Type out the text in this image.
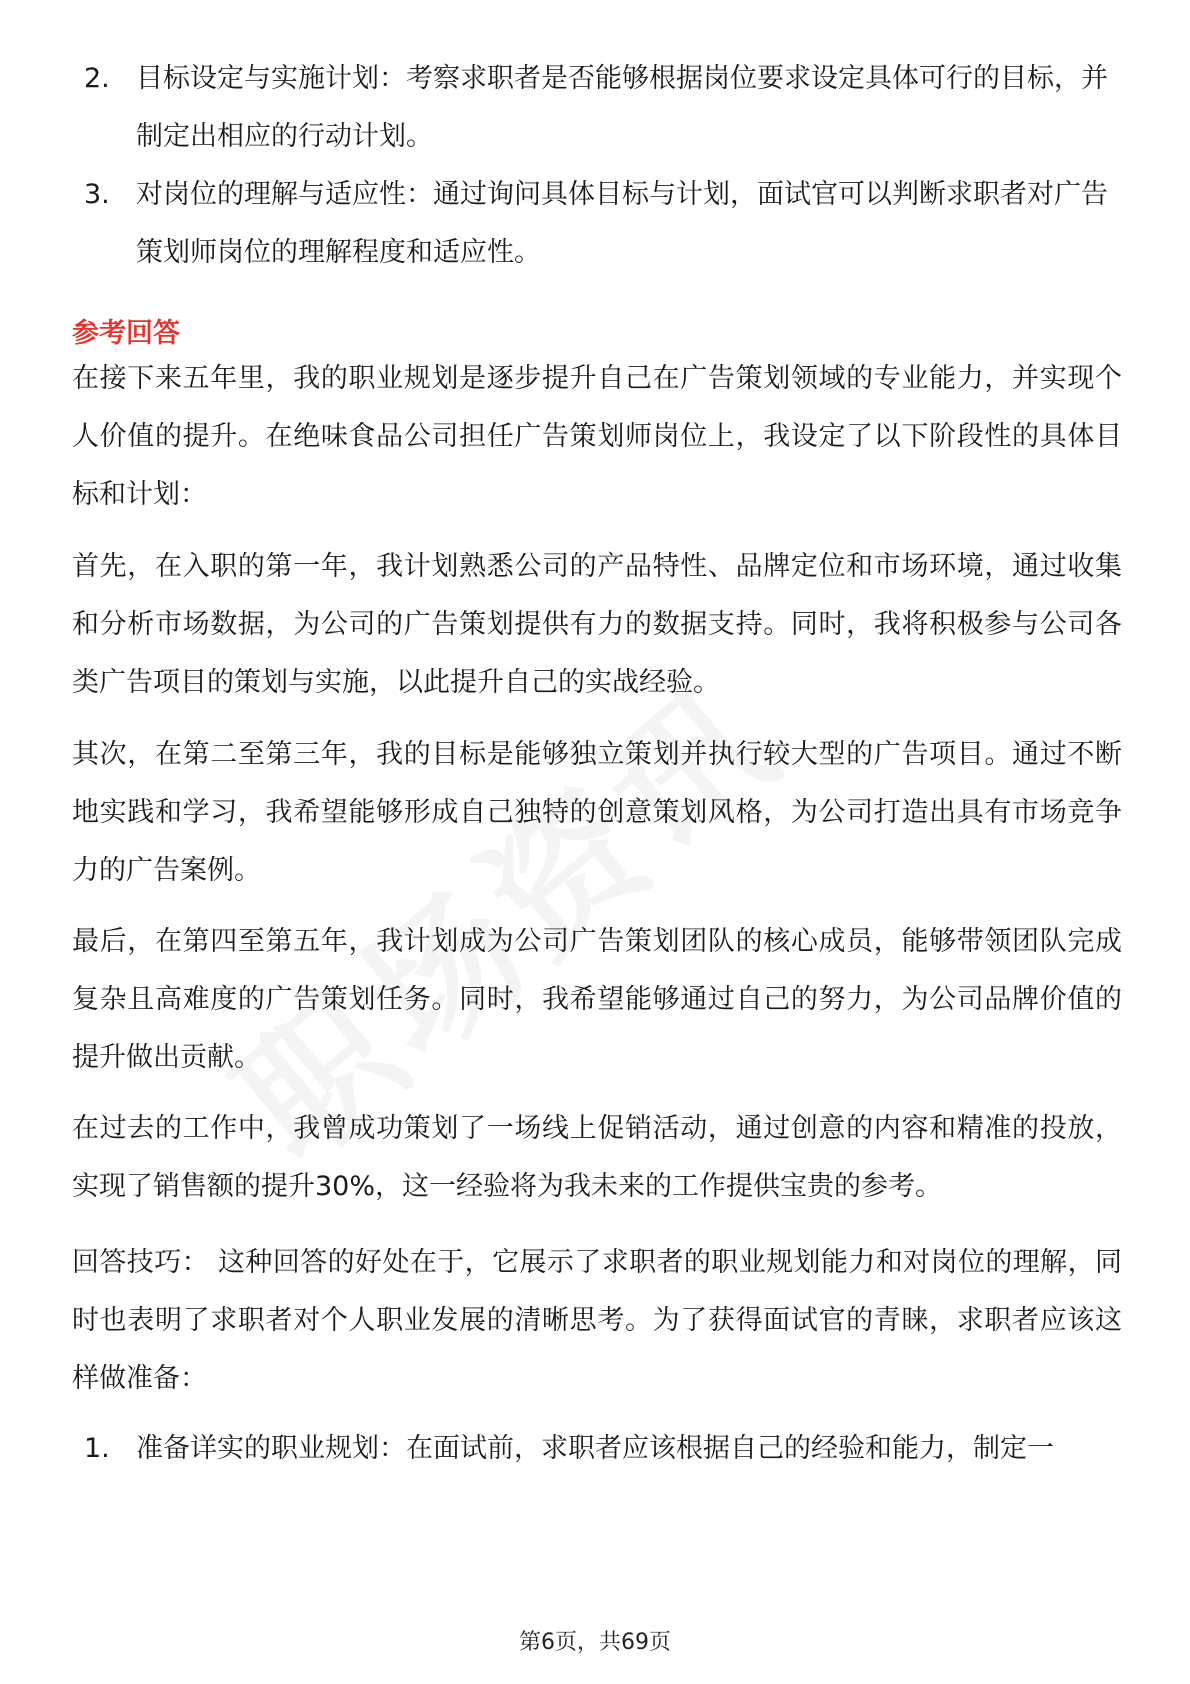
2. 目标设定与实施计划：考察求职者是否能够根据岗位要求设定具体可行的目标，并制定出相应的行动计划。
3. 对岗位的理解与适应性：通过询问具体目标与计划，面试官可以判断求职者对广告策划师岗位的理解程度和适应性。
参考回答
在接下来五年里，我的职业规划是逐步提升自己在广告策划领域的专业能力，并实现个人价值的提升。在绝味食品公司担任广告策划师岗位上，我设定了以下阶段性的具体目标和计划：
首先，在入职的第一年，我计划熟悉公司的产品特性、品牌定位和市场环境，通过收集和分析市场数据，为公司的广告策划提供有力的数据支持。同时，我将积极参与公司各类广告项目的策划与实施，以此提升自己的实战经验。
其次，在第二至第三年，我的目标是能够独立策划并执行较大型的广告项目。通过不断地实践和学习，我希望能够形成自己独特的创意策划风格，为公司打造出具有市场竞争力的广告案例。
最后，在第四至第五年，我计划成为公司广告策划团队的核心成员，能够带领团队完成复杂且高难度的广告策划任务。同时，我希望能够通过自己的努力，为公司品牌价值的提升做出贡献。
在过去的工作中，我曾成功策划了一场线上促销活动，通过创意的内容和精准的投放，实现了销售额的提升30%，这一经验将为我未来的工作提供宝贵的参考。
回答技巧： 这种回答的好处在于，它展示了求职者的职业规划能力和对岗位的理解，同时也表明了求职者对个人职业发展的清晰思考。为了获得面试官的青睐，求职者应该这样做准备：
1. 准备详实的职业规划：在面试前，求职者应该根据自己的经验和能力，制定一
第6页，共69页
